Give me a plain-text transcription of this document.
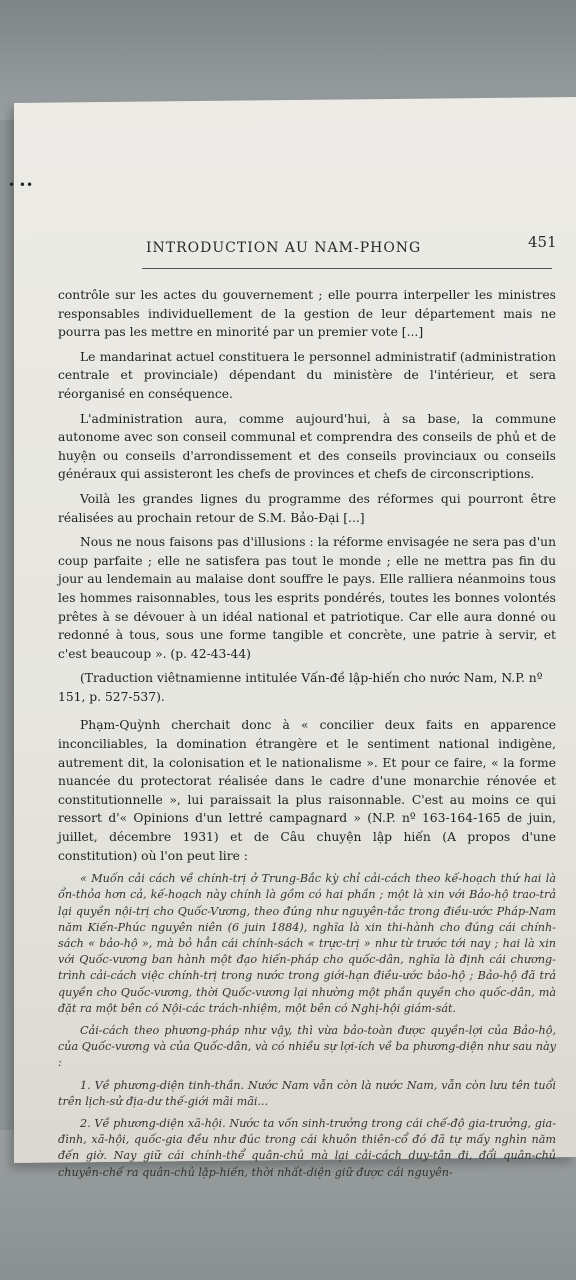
• ••
INTRODUCTION AU NAM-PHONG	451

contrôle sur les actes du gouvernement ; elle pourra interpeller les ministres responsables individuellement de la gestion de leur département mais ne pourra pas les mettre en minorité par un premier vote [...]

Le mandarinat actuel constituera le personnel administratif (administration centrale et provinciale) dépendant du ministère de l'intérieur, et sera réorganisé en conséquence.

L'administration aura, comme aujourd'hui, à sa base, la commune autonome avec son conseil communal et comprendra des conseils de phủ et de huyện ou conseils d'arrondissement et des conseils provinciaux ou conseils généraux qui assisteront les chefs de provinces et chefs de circonscriptions.

Voilà les grandes lignes du programme des réformes qui pourront être réalisées au prochain retour de S.M. Bảo-Đại [...]

Nous ne nous faisons pas d'illusions : la réforme envisagée ne sera pas d'un coup parfaite ; elle ne satisfera pas tout le monde ; elle ne mettra pas fin du jour au lendemain au malaise dont souffre le pays. Elle ralliera néanmoins tous les hommes raisonnables, tous les esprits pondérés, toutes les bonnes volontés prêtes à se dévouer à un idéal national et patriotique. Car elle aura donné ou redonné à tous, sous une forme tangible et concrète, une patrie à servir, et c'est beaucoup ». (p. 42-43-44)

(Traduction viêtnamienne intitulée Vấn-đề lập-hiến cho nước Nam, N.P. nº 151, p. 527-537).

Phạm-Quỳnh cherchait donc à « concilier deux faits en apparence inconciliables, la domination étrangère et le sentiment national indigène, autrement dit, la colonisation et le nationalisme ». Et pour ce faire, « la forme nuancée du protectorat réalisée dans le cadre d'une monarchie rénovée et constitutionnelle », lui paraissait la plus raisonnable. C'est au moins ce qui ressort d'« Opinions d'un lettré campagnard » (N.P. nº 163-164-165 de juin, juillet, décembre 1931) et de Câu chuyện lập hiến (A propos d'une constitution) où l'on peut lire :

« Muốn cải cách về chính-trị ở Trung-Bắc kỳ chỉ cải-cách theo kế-hoạch thứ hai là ổn-thỏa hơn cả, kế-hoạch này chính là gồm có hai phần ; một là xin với Bảo-hộ trao-trả lại quyền nội-trị cho Quốc-Vương, theo đúng như nguyên-tắc trong điều-ước Pháp-Nam năm Kiến-Phúc nguyên niên (6 juin 1884), nghĩa là xin thi-hành cho đúng cái chính-sách « bảo-hộ », mà bỏ hẳn cái chính-sách « trực-trị » như từ trước tới nay ; hai là xin với Quốc-vương ban hành một đạo hiến-pháp cho quốc-dân, nghĩa là định cái chương-trình cải-cách việc chính-trị trong nước trong giới-hạn điều-ước bảo-hộ ; Bảo-hộ đã trả quyền cho Quốc-vương, thời Quốc-vương lại nhường một phần quyền cho quốc-dân, mà đặt ra một bên có Nội-các trách-nhiệm, một bên có Nghị-hội giám-sát.

Cải-cách theo phương-pháp như vậy, thì vừa bảo-toàn được quyền-lợi của Bảo-hộ, của Quốc-vương và của Quốc-dân, và có nhiều sự lợi-ích về ba phương-diện như sau này :

1. Về phương-diện tinh-thần. Nước Nam vẫn còn là nước Nam, vẫn còn lưu tên tuổi trên lịch-sử địa-dư thế-giới mãi mãi...

2. Về phương-diện xã-hội. Nước ta vốn sinh-trưởng trong cái chế-độ gia-trưởng, gia-đình, xã-hội, quốc-gia đều như đúc trong cái khuôn thiên-cổ đó đã tự mấy nghìn năm đến giờ. Nay giữ cái chính-thể quân-chủ mà lại cải-cách duy-tân đi, đổi quân-chủ chuyên-chế ra quân-chủ lập-hiến, thời nhất-diện giữ được cái nguyên-
